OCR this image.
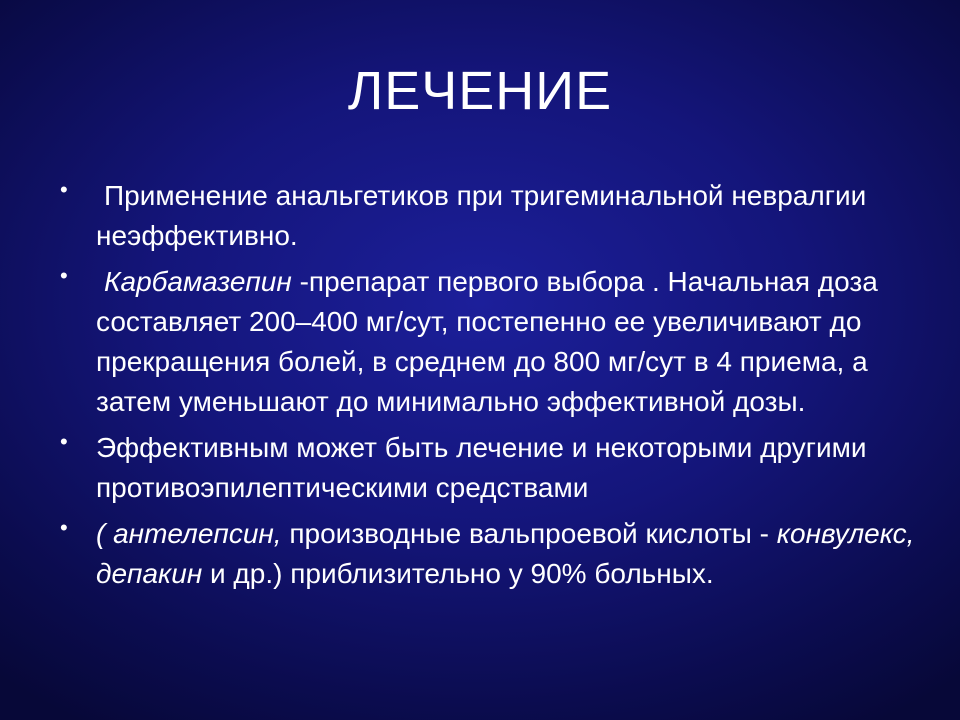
ЛЕЧЕНИЕ
• Применение анальгетиков при тригеминальной невралгии неэффективно.
• Карбамазепин -препарат первого выбора . Начальная доза составляет 200–400 мг/сут, постепенно ее увеличивают до прекращения болей, в среднем до 800 мг/сут в 4 приема, а затем уменьшают до минимально эффективной дозы.
• Эффективным может быть лечение и некоторыми другими противоэпилептическими средствами
• ( антелепсин, производные вальпроевой кислоты - конвулекс, депакин и др.) приблизительно у 90% больных.
